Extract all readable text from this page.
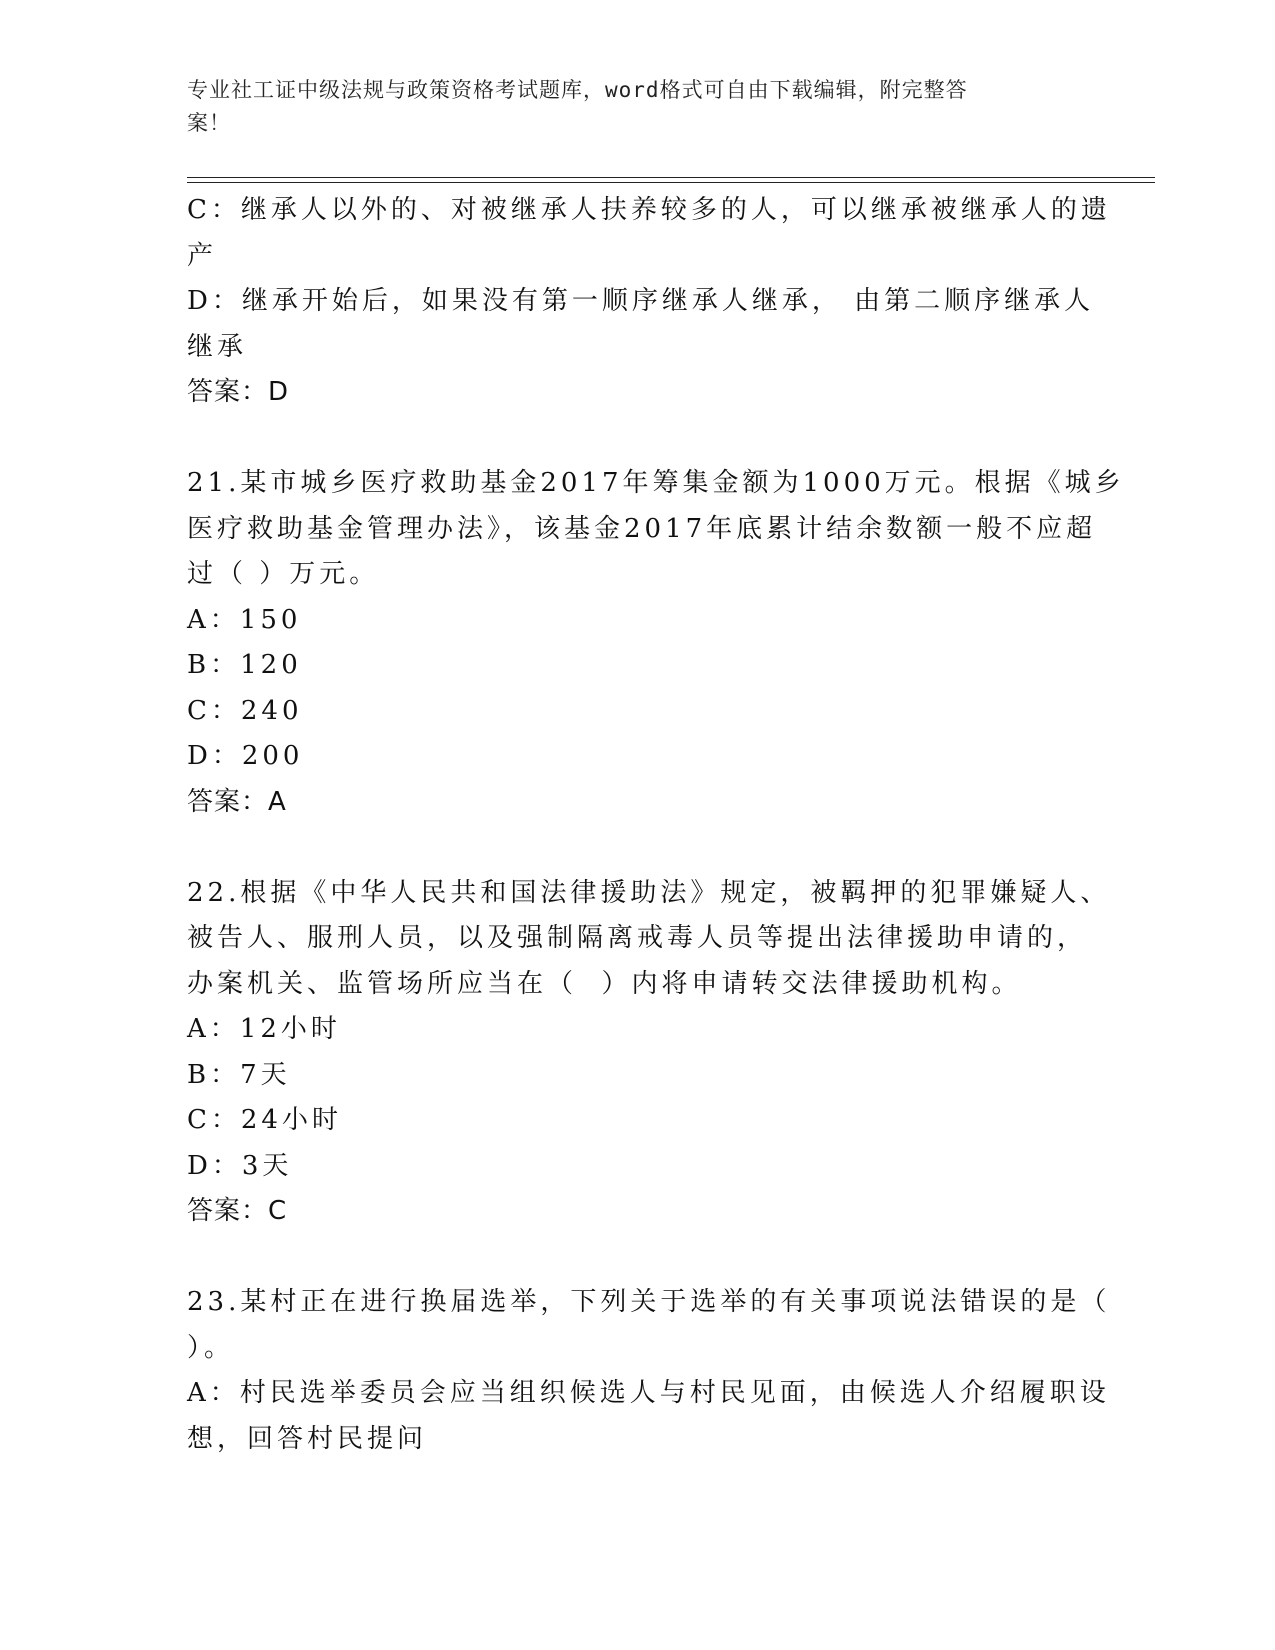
专业社工证中级法规与政策资格考试题库，word格式可自由下载编辑，附完整答
案！
C：继承人以外的、对被继承人扶养较多的人，可以继承被继承人的遗
产
D：继承开始后，如果没有第一顺序继承人继承， 由第二顺序继承人
继承
答案：D
21.某市城乡医疗救助基金2017年筹集金额为1000万元。根据《城乡
医疗救助基金管理办法》，该基金2017年底累计结余数额一般不应超
过（ ）万元。
A：150
B：120
C：240
D：200
答案：A
22.根据《中华人民共和国法律援助法》规定，被羁押的犯罪嫌疑人、
被告人、服刑人员，以及强制隔离戒毒人员等提出法律援助申请的，
办案机关、监管场所应当在（  ）内将申请转交法律援助机构。
A：12小时
B：7天
C：24小时
D：3天
答案：C
23.某村正在进行换届选举，下列关于选举的有关事项说法错误的是（
）。
A：村民选举委员会应当组织候选人与村民见面，由候选人介绍履职设
想，回答村民提问
